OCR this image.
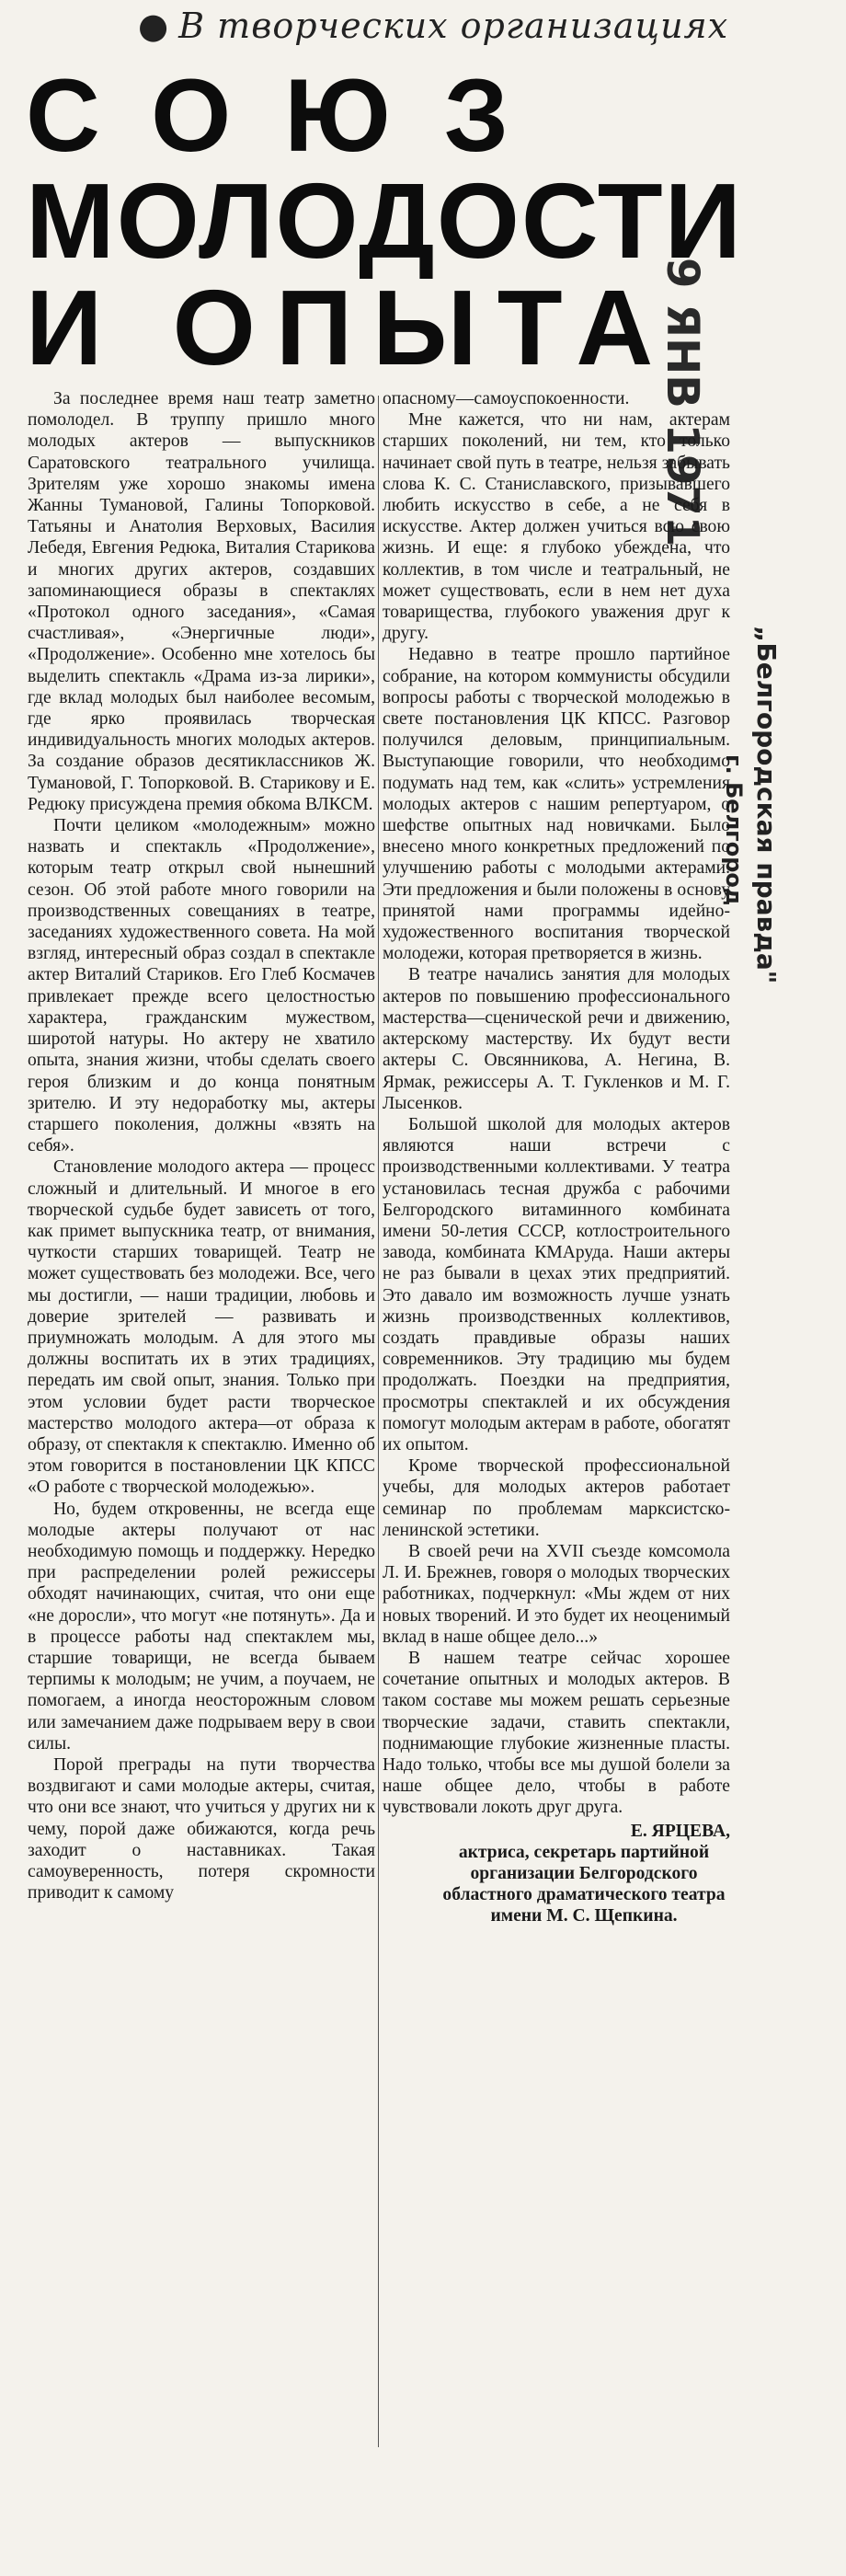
● В творческих организациях
СОЮЗ
МОЛОДОСТИ
И ОПЫТА
9 ЯНВ 1971
„Белгородская правда"
г. Белгород

За последнее время наш театр заметно помолодел. В труппу пришло много молодых актеров — выпускников Саратовского театрального училища. Зрителям уже хорошо знакомы имена Жанны Тумановой, Галины Топорковой. Татьяны и Анатолия Верховых, Василия Лебедя, Евгения Редюка, Виталия Старикова и многих других актеров, создавших запоминающиеся образы в спектаклях «Протокол одного заседания», «Самая счастливая», «Энергичные люди», «Продолжение». Особенно мне хотелось бы выделить спектакль «Драма из-за лирики», где вклад молодых был наиболее весомым, где ярко проявилась творческая индивидуальность многих молодых актеров. За создание образов десятиклассников Ж. Тумановой, Г. Топорковой. В. Старикову и Е. Редюку присуждена премия обкома ВЛКСМ.

Почти целиком «молодежным» можно назвать и спектакль «Продолжение», которым театр открыл свой нынешний сезон. Об этой работе много говорили на производственных совещаниях в театре, заседаниях художественного совета. На мой взгляд, интересный образ создал в спектакле актер Виталий Стариков. Его Глеб Космачев привлекает прежде всего целостностью характера, гражданским мужеством, широтой натуры. Но актеру не хватило опыта, знания жизни, чтобы сделать своего героя близким и до конца понятным зрителю. И эту недоработку мы, актеры старшего поколения, должны «взять на себя».

Становление молодого актера — процесс сложный и длительный. И многое в его творческой судьбе будет зависеть от того, как примет выпускника театр, от внимания, чуткости старших товарищей. Театр не может существовать без молодежи. Все, чего мы достигли, — наши традиции, любовь и доверие зрителей — развивать и приумножать молодым. А для этого мы должны воспитать их в этих традициях, передать им свой опыт, знания. Только при этом условии будет расти творческое мастерство молодого актера—от образа к образу, от спектакля к спектаклю. Именно об этом говорится в постановлении ЦК КПСС «О работе с творческой молодежью».

Но, будем откровенны, не всегда еще молодые актеры получают от нас необходимую помощь и поддержку. Нередко при распределении ролей режиссеры обходят начинающих, считая, что они еще «не доросли», что могут «не потянуть». Да и в процессе работы над спектаклем мы, старшие товарищи, не всегда бываем терпимы к молодым; не учим, а поучаем, не помогаем, а иногда неосторожным словом или замечанием даже подрываем веру в свои силы.

Порой преграды на пути творчества воздвигают и сами молодые актеры, считая, что они все знают, что учиться у других ни к чему, порой даже обижаются, когда речь заходит о наставниках. Такая самоуверенность, потеря скромности приводит к самому

опасному—самоуспокоенности.

Мне кажется, что ни нам, актерам старших поколений, ни тем, кто только начинает свой путь в театре, нельзя забывать слова К. С. Станиславского, призывавшего любить искусство в себе, а не себя в искусстве. Актер должен учиться всю свою жизнь. И еще: я глубоко убеждена, что коллектив, в том числе и театральный, не может существовать, если в нем нет духа товарищества, глубокого уважения друг к другу.

Недавно в театре прошло партийное собрание, на котором коммунисты обсудили вопросы работы с творческой молодежью в свете постановления ЦК КПСС. Разговор получился деловым, принципиальным. Выступающие говорили, что необходимо подумать над тем, как «слить» устремления молодых актеров с нашим репертуаром, о шефстве опытных над новичками. Было внесено много конкретных предложений по улучшению работы с молодыми актерами. Эти предложения и были положены в основу принятой нами программы идейно-художественного воспитания творческой молодежи, которая претворяется в жизнь.

В театре начались занятия для молодых актеров по повышению профессионального мастерства—сценической речи и движению, актерскому мастерству. Их будут вести актеры С. Овсянникова, А. Негина, В. Ярмак, режиссеры А. Т. Гукленков и М. Г. Лысенков.

Большой школой для молодых актеров являются наши встречи с производственными коллективами. У театра установилась тесная дружба с рабочими Белгородского витаминного комбината имени 50-летия СССР, котлостроительного завода, комбината КМАруда. Наши актеры не раз бывали в цехах этих предприятий. Это давало им возможность лучше узнать жизнь производственных коллективов, создать правдивые образы наших современников. Эту традицию мы будем продолжать. Поездки на предприятия, просмотры спектаклей и их обсуждения помогут молодым актерам в работе, обогатят их опытом.

Кроме творческой профессиональной учебы, для молодых актеров работает семинар по проблемам марксистско-ленинской эстетики.

В своей речи на XVII съезде комсомола Л. И. Брежнев, говоря о молодых творческих работниках, подчеркнул: «Мы ждем от них новых творений. И это будет их неоценимый вклад в наше общее дело...»

В нашем театре сейчас хорошее сочетание опытных и молодых актеров. В таком составе мы можем решать серьезные творческие задачи, ставить спектакли, поднимающие глубокие жизненные пласты. Надо только, чтобы все мы душой болели за наше общее дело, чтобы в работе чувствовали локоть друг друга.

Е. ЯРЦЕВА,
актриса, секретарь партийной организации Белгородского областного драматического театра имени М. С. Щепкина.
